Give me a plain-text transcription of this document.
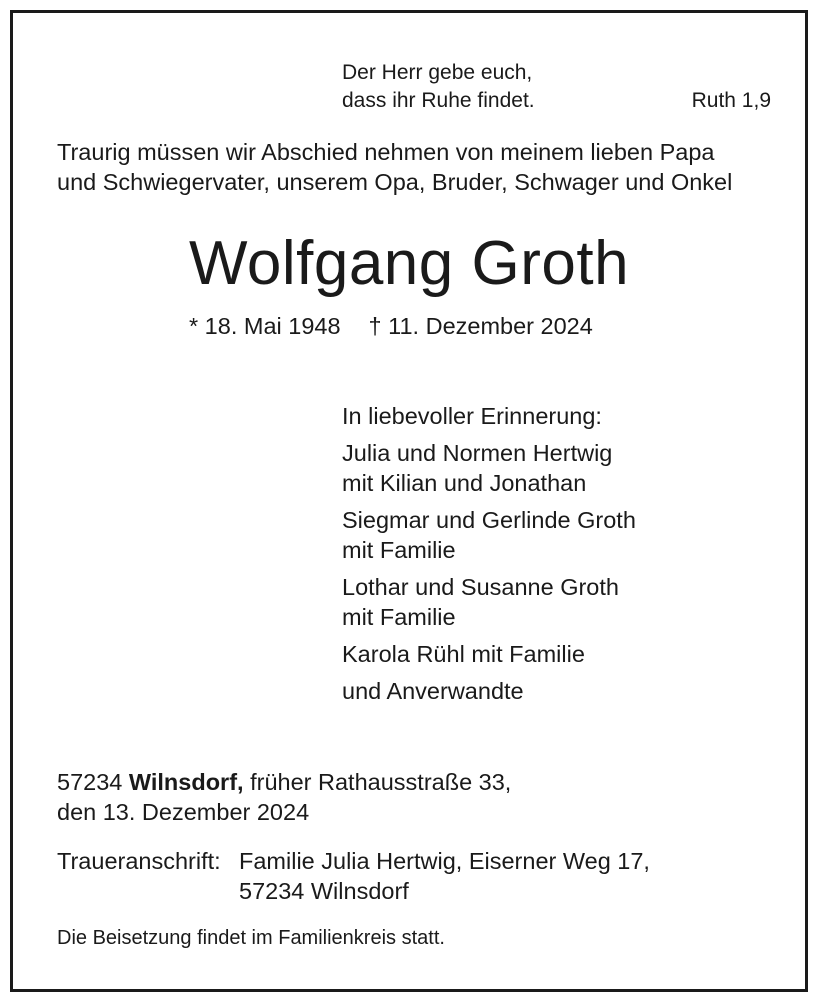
Der Herr gebe euch,
dass ihr Ruhe findet.	Ruth 1,9
Traurig müssen wir Abschied nehmen von meinem lieben Papa
und Schwiegervater, unserem Opa, Bruder, Schwager und Onkel
Wolfgang Groth
* 18. Mai 1948 † 11. Dezember 2024
In liebevoller Erinnerung:
Julia und Normen Hertwig
mit Kilian und Jonathan
Siegmar und Gerlinde Groth
mit Familie
Lothar und Susanne Groth
mit Familie
Karola Rühl mit Familie
und Anverwandte
57234 Wilnsdorf, früher Rathausstraße 33,
den 13. Dezember 2024
Traueranschrift: Familie Julia Hertwig, Eiserner Weg 17,
57234 Wilnsdorf
Die Beisetzung findet im Familienkreis statt.
